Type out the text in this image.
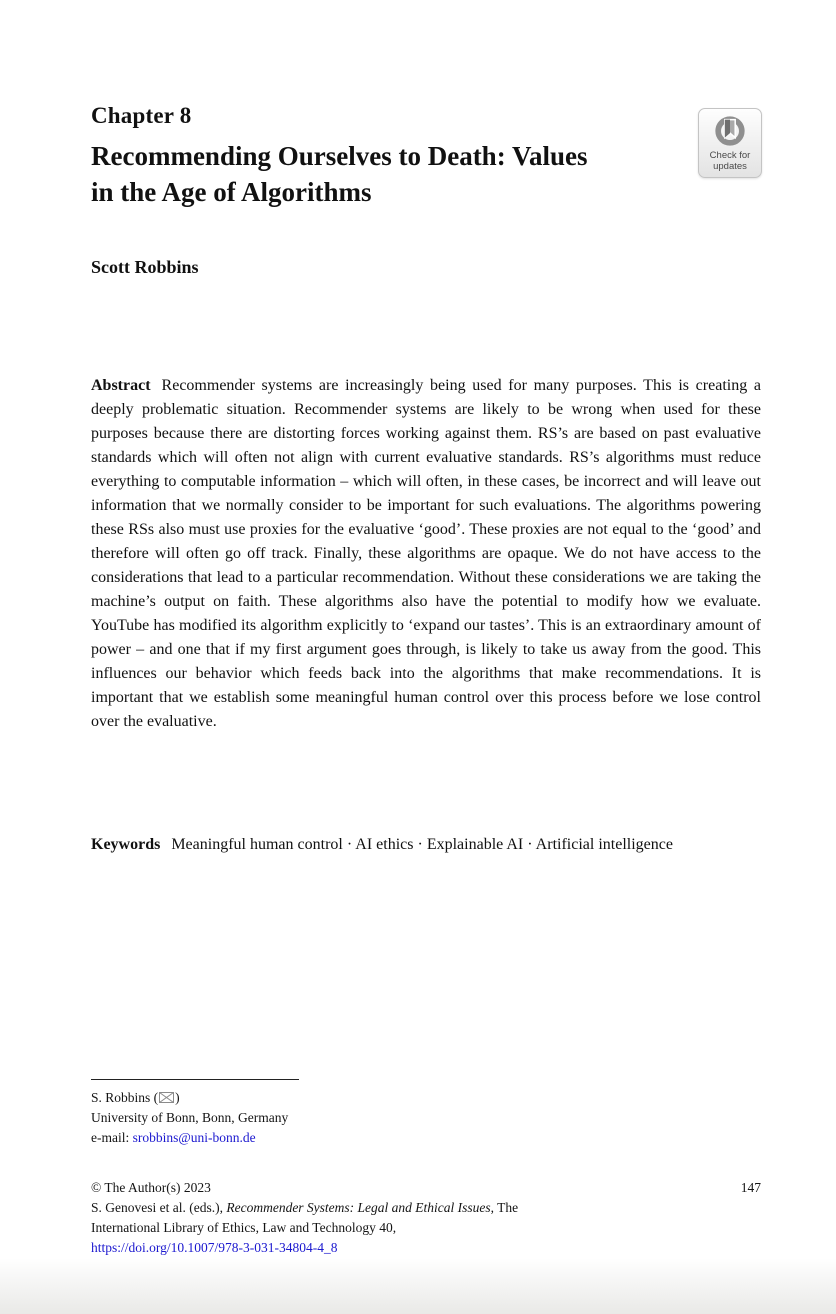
Chapter 8
Recommending Ourselves to Death: Values
in the Age of Algorithms
Check for
updates
Scott Robbins

Abstract Recommender systems are increasingly being used for many purposes. This is creating a deeply problematic situation. Recommender systems are likely to be wrong when used for these purposes because there are distorting forces working against them. RS’s are based on past evaluative standards which will often not align with current evaluative standards. RS’s algorithms must reduce everything to computable information – which will often, in these cases, be incorrect and will leave out information that we normally consider to be important for such evaluations. The algorithms powering these RSs also must use proxies for the evaluative ‘good’. These proxies are not equal to the ‘good’ and therefore will often go off track. Finally, these algorithms are opaque. We do not have access to the considerations that lead to a particular recommendation. Without these considerations we are taking the machine’s output on faith. These algorithms also have the potential to modify how we evaluate. YouTube has modified its algorithm explicitly to ‘expand our tastes’. This is an extraordinary amount of power – and one that if my first argument goes through, is likely to take us away from the good. This influences our behavior which feeds back into the algorithms that make recommendations. It is important that we establish some meaningful human control over this process before we lose control over the evaluative.

Keywords Meaningful human control · AI ethics · Explainable AI · Artificial intelligence

S. Robbins ( )
University of Bonn, Bonn, Germany
e-mail: srobbins@uni-bonn.de
© The Author(s) 2023	147
S. Genovesi et al. (eds.), Recommender Systems: Legal and Ethical Issues, The
International Library of Ethics, Law and Technology 40,
https://doi.org/10.1007/978-3-031-34804-4_8
